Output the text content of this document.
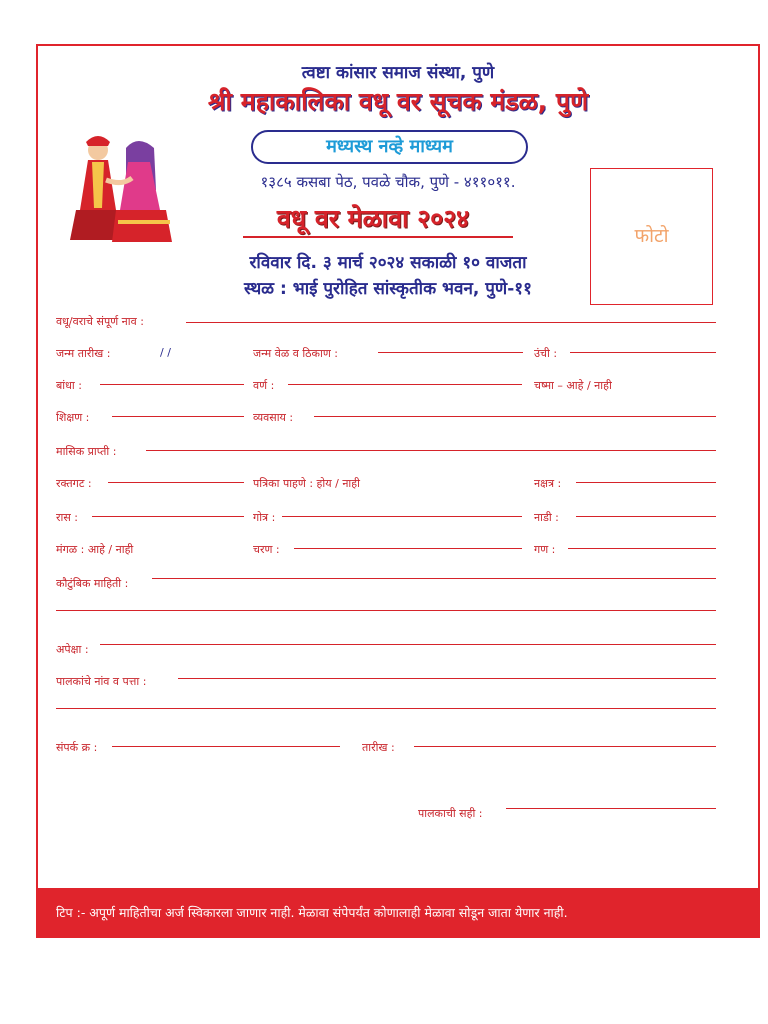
त्वष्टा कांसार समाज संस्था, पुणे
श्री महाकालिका वधू वर सूचक मंडळ, पुणे
मध्यस्थ नव्हे माध्यम
१३८५ कसबा पेठ, पवळे चौक, पुणे - ४११०११.
वधू वर मेळावा २०२४
रविवार दि. ३ मार्च २०२४ सकाळी १० वाजता
स्थळ : भाई पुरोहित सांस्कृतीक भवन, पुणे-११
फोटो
वधू/वराचे संपूर्ण नाव :
जन्म तारीख :	/ /	जन्म वेळ व ठिकाण :	उंची :
बांधा :	वर्ण :	चष्मा – आहे / नाही
शिक्षण :	व्यवसाय :
मासिक प्राप्ती :
रक्तगट :	पत्रिका पाहणे : होय / नाही	नक्षत्र :
रास :	गोत्र :	नाडी :
मंगळ : आहे / नाही	चरण :	गण :
कौटुंबिक माहिती :
अपेक्षा :
पालकांचे नांव व पत्ता :
संपर्क क्र :	तारीख :
पालकाची सही :
टिप :- अपूर्ण माहितीचा अर्ज स्विकारला जाणार नाही. मेळावा संपेपर्यंत कोणालाही मेळावा सोडून जाता येणार नाही.
